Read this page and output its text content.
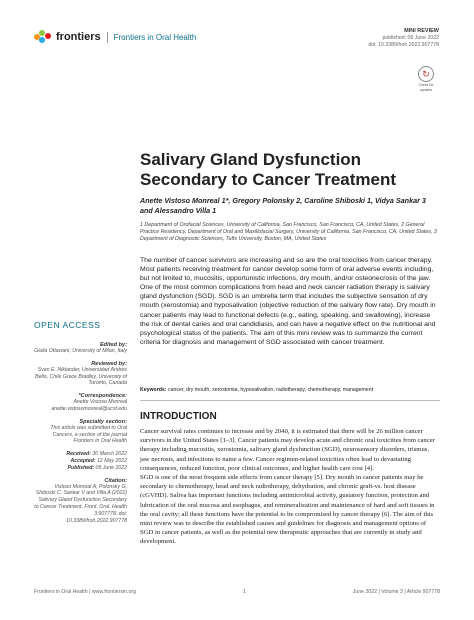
frontiers Frontiers in Oral Health
MINI REVIEW
published: 09 June 2022
doi: 10.3389/froh.2022.907778
↻
Check for
updates
Salivary Gland Dysfunction Secondary to Cancer Treatment
Anette Vistoso Monreal 1*, Gregory Polonsky 2, Caroline Shiboski 1, Vidya Sankar 3 and Alessandro Villa 1
1 Department of Orofacial Sciences, University of California, San Francisco, San Francisco, CA, United States, 2 General Practice Residency, Department of Oral and Maxillofacial Surgery, University of California, San Francisco, CA, United States, 3 Department of Diagnostic Sciences, Tufts University, Boston, MA, United States
The number of cancer survivors are increasing and so are the oral toxicities from cancer therapy. Most patients receiving treatment for cancer develop some form of oral adverse events including, but not limited to, mucositis, opportunistic infections, dry mouth, and/or osteonecrosis of the jaw. One of the most common complications from head and neck cancer radiation therapy is salivary gland dysfunction (SGD). SGD is an umbrella term that includes the subjective sensation of dry mouth (xerostomia) and hyposalivation (objective reduction of the salivary flow rate). Dry mouth in cancer patients may lead to functional defects (e.g., eating, speaking, and swallowing), increase the risk of dental caries and oral candidiasis, and can have a negative effect on the nutritional and psychological status of the patients. The aim of this mini review was to summarize the current criteria for diagnosis and management of SGD associated with cancer treatment.
Keywords: cancer, dry mouth, xerostomia, hyposalivation, radiotherapy, chemotherapy, management
INTRODUCTION

Cancer survival rates continues to increase and by 2040, it is estimated that there will be 26 million cancer survivors in the United States [1–3]. Cancer patients may develop acute and chronic oral toxicities from cancer therapy including mucositis, xerostomia, salivary gland dysfunction (SGD), neurosensory disorders, trismus, jaw necrosis, and infections to name a few. Cancer regimen-related toxicities often lead to devastating consequences, reduced function, poor clinical outcomes, and higher health care cost [4].

SGD is one of the most frequent side effects from cancer therapy [5]. Dry mouth in cancer patients may be secondary to chemotherapy, head and neck radiotherapy, dehydration, and chronic graft-vs. host disease (cGVHD). Saliva has important functions including antimicrobial activity, gustatory function, protection and lubrication of the oral mucosa and esophagus, and remineralization and maintenance of hard and soft tissues in the oral cavity; all these functions have the potential to be compromised by cancer therapy [6]. The aim of this mini review was to describe the established causes and guidelines for diagnosis and management options of SGD in cancer patients, as well as the potential new therapeutic approaches that are currently in study and development.

OPEN ACCESS
Edited by:
Giulia Ottaviani, University of Milan, Italy
Reviewed by:
Sven E. Niklander, Universidad Andres Bello, Chile Grace Bradley, University of Toronto, Canada
*Correspondence:
Anette Vistoso Monreal anette.vistosomonreal@ucsf.edu
Specialty section:
This article was submitted to Oral Cancers, a section of the journal Frontiers in Oral Health
Received: 30 March 2022
Accepted: 12 May 2022
Published: 09 June 2022
Citation:
Vistoso Monreal A, Polonsky G, Shiboski C, Sankar V and Villa A (2022) Salivary Gland Dysfunction Secondary to Cancer Treatment. Front. Oral. Health 3:907778. doi: 10.3389/froh.2022.907778
Frontiers in Oral Health | www.frontiersin.org	1	June 2022 | Volume 3 | Article 907778
